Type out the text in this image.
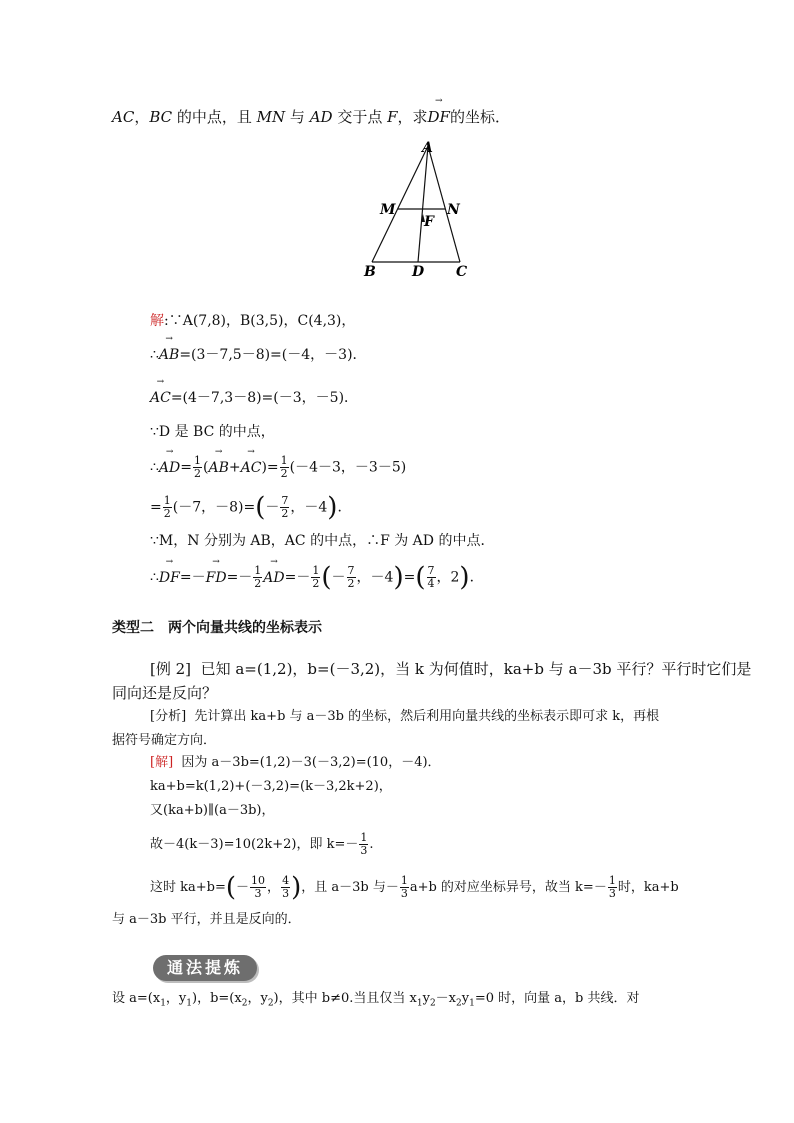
AC，BC 的中点，且 MN 与 AD 交于点 F，求→ DF的坐标．
A
B	C
D
M	N
F
解:∵A(7,8)，B(3,5)，C(4,3)，
∴→ AB=(3－7,5－8)=(－4，－3)．
→ AC=(4－7,3－8)=(－3，－5)．
∵D 是 BC 的中点，
∴→ $AD= \frac{1}{2}$ (→ $AB+\to AC)= \frac{1}{2} (-4-3$，－3－5)
= $\frac{1}{2} (-7$，$-8)=(- \frac{7}{2}$ ，－4)．
∵M，N 分别为 AB，AC 的中点，∴F 为 AD 的中点．
∴→ $DF=-\to FD=- \frac{1}{2}$
→ $AD=- \frac{1}{2}$ (－ $\frac{7}{2}$ ，$-4)=( \frac{7}{4}$ ，2)．
类型二　两个向量共线的坐标表示
[例 2] 已知 a=(1,2)，b=(－3,2)，当 k 为何值时，ka+b 与 a－3b 平行？平行时它们是
同向还是反向？
[分析] 先计算出 ka+b 与 a－3b 的坐标，然后利用向量共线的坐标表示即可求 k，再根
据符号确定方向．
[解] 因为 a－3b=(1,2)－3(－3,2)=(10，－4)．
ka+b=k(1,2)+(－3,2)=(k－3,2k+2)，
又(ka+b)∥(a－3b)，
故－4(k－3)=10(2k+2)，即 $k=- \frac{1}{3}$ .
这时 $ka+b=(- \frac{10}{3}$ ， $\frac{4}{3}$ )，且 a－3b 与－ $\frac{1}{3} a+b$ 的对应坐标异号，故当 $k=- \frac{1}{3}$ 时，ka+b
与 a－3b 平行，并且是反向的．
通法提炼
设 $a=(x_1$，$y_1$)，$b=(x_2$，$y_2$)，其中 b≠0.当且仅当 $x_1y_2-x_2y_1=0$ 时，向量 a，b 共线．对
